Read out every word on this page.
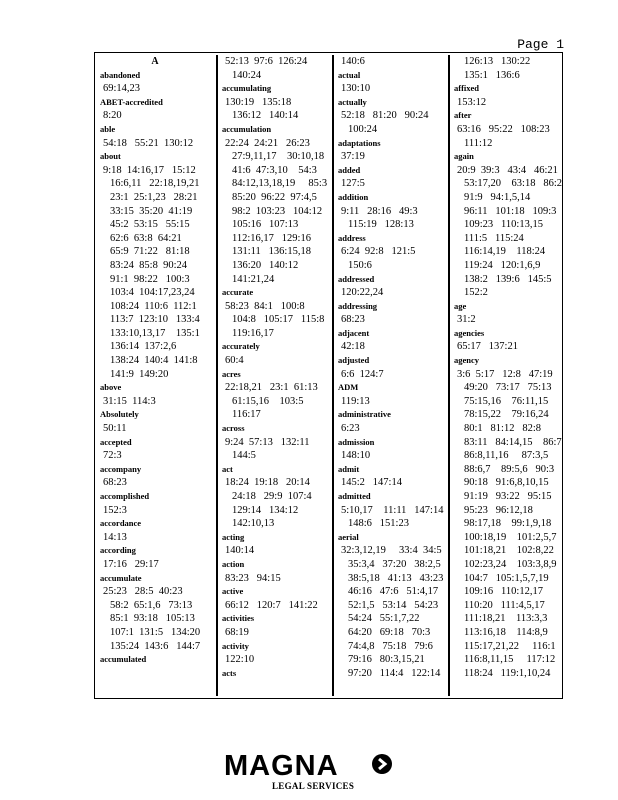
Page 1
A
abandoned
69:14,23
ABET-accredited
8:20
able
54:18   55:21  130:12
about
9:18  14:16,17   15:12
16:6,11   22:18,19,21
23:1  25:1,23   28:21
33:15  35:20  41:19
45:2  53:15   55:15
62:6  63:8  64:21
65:9  71:22   81:18
83:24  85:8  90:24
91:1  98:22   100:3
103:4  104:17,23,24
108:24  110:6  112:1
113:7  123:10   133:4
133:10,13,17    135:1
136:14  137:2,6
138:24  140:4  141:8
141:9  149:20
above
31:15  114:3
Absolutely
50:11
accepted
72:3
accompany
68:23
accomplished
152:3
accordance
14:13
according
17:16   29:17
accumulate
25:23   28:5  40:23
58:2  65:1,6   73:13
85:1  93:18   105:13
107:1  131:5   134:20
135:24  143:6   144:7
accumulated
52:13  97:6  126:24
140:24
accumulating
130:19   135:18
136:12   140:14
accumulation
22:24  24:21   26:23
27:9,11,17    30:10,18
41:6  47:3,10    54:3
84:12,13,18,19     85:3
85:20  96:22  97:4,5
98:2  103:23   104:12
105:16   107:13
112:16,17   129:16
131:11   136:15,18
136:20   140:12
141:21,24
accurate
58:23  84:1   100:8
104:8   105:17   115:8
119:16,17
accurately
60:4
acres
22:18,21   23:1  61:13
61:15,16    103:5
116:17
across
9:24  57:13   132:11
144:5
act
18:24  19:18   20:14
24:18   29:9  107:4
129:14   134:12
142:10,13
acting
140:14
action
83:23   94:15
active
66:12   120:7   141:22
activities
68:19
activity
122:10
acts
140:6
actual
130:10
actually
52:18   81:20   90:24
100:24
adaptations
37:19
added
127:5
addition
9:11   28:16   49:3
115:19   128:13
address
6:24  92:8   121:5
150:6
addressed
120:22,24
addressing
68:23
adjacent
42:18
adjusted
6:6  124:7
ADM
119:13
administrative
6:23
admission
148:10
admit
145:2   147:14
admitted
5:10,17    11:11   147:14
148:6   151:23
aerial
32:3,12,19     33:4  34:5
35:3,4   37:20   38:2,5
38:5,18   41:13   43:23
46:16   47:6   51:4,17
52:1,5   53:14   54:23
54:24   55:1,7,22
64:20   69:18   70:3
74:4,8   75:18   79:6
79:16   80:3,15,21
97:20   114:4   122:14
126:13   130:22
135:1   136:6
affixed
153:12
after
63:16   95:22   108:23
111:12
again
20:9  39:3   43:4   46:21
53:17,20    63:18   86:2
91:9   94:1,5,14
96:11   101:18   109:3
109:23   110:13,15
111:5   115:24
116:14,19    118:24
119:24   120:1,6,9
138:2   139:6   145:5
152:2
age
31:2
agencies
65:17   137:21
agency
3:6  5:17   12:8   47:19
49:20   73:17   75:13
75:15,16    76:11,15
78:15,22    79:16,24
80:1   81:12   82:8
83:11   84:14,15    86:7
86:8,11,16     87:3,5
88:6,7    89:5,6   90:3
90:18   91:6,8,10,15
91:19   93:22   95:15
95:23   96:12,18
98:17,18    99:1,9,18
100:18,19    101:2,5,7
101:18,21    102:8,22
102:23,24    103:3,8,9
104:7   105:1,5,7,19
109:16   110:12,17
110:20   111:4,5,17
111:18,21    113:3,3
113:16,18    114:8,9
115:17,21,22     116:1
116:8,11,15     117:12
118:24   119:1,10,24
MAGNA
LEGAL SERVICES
